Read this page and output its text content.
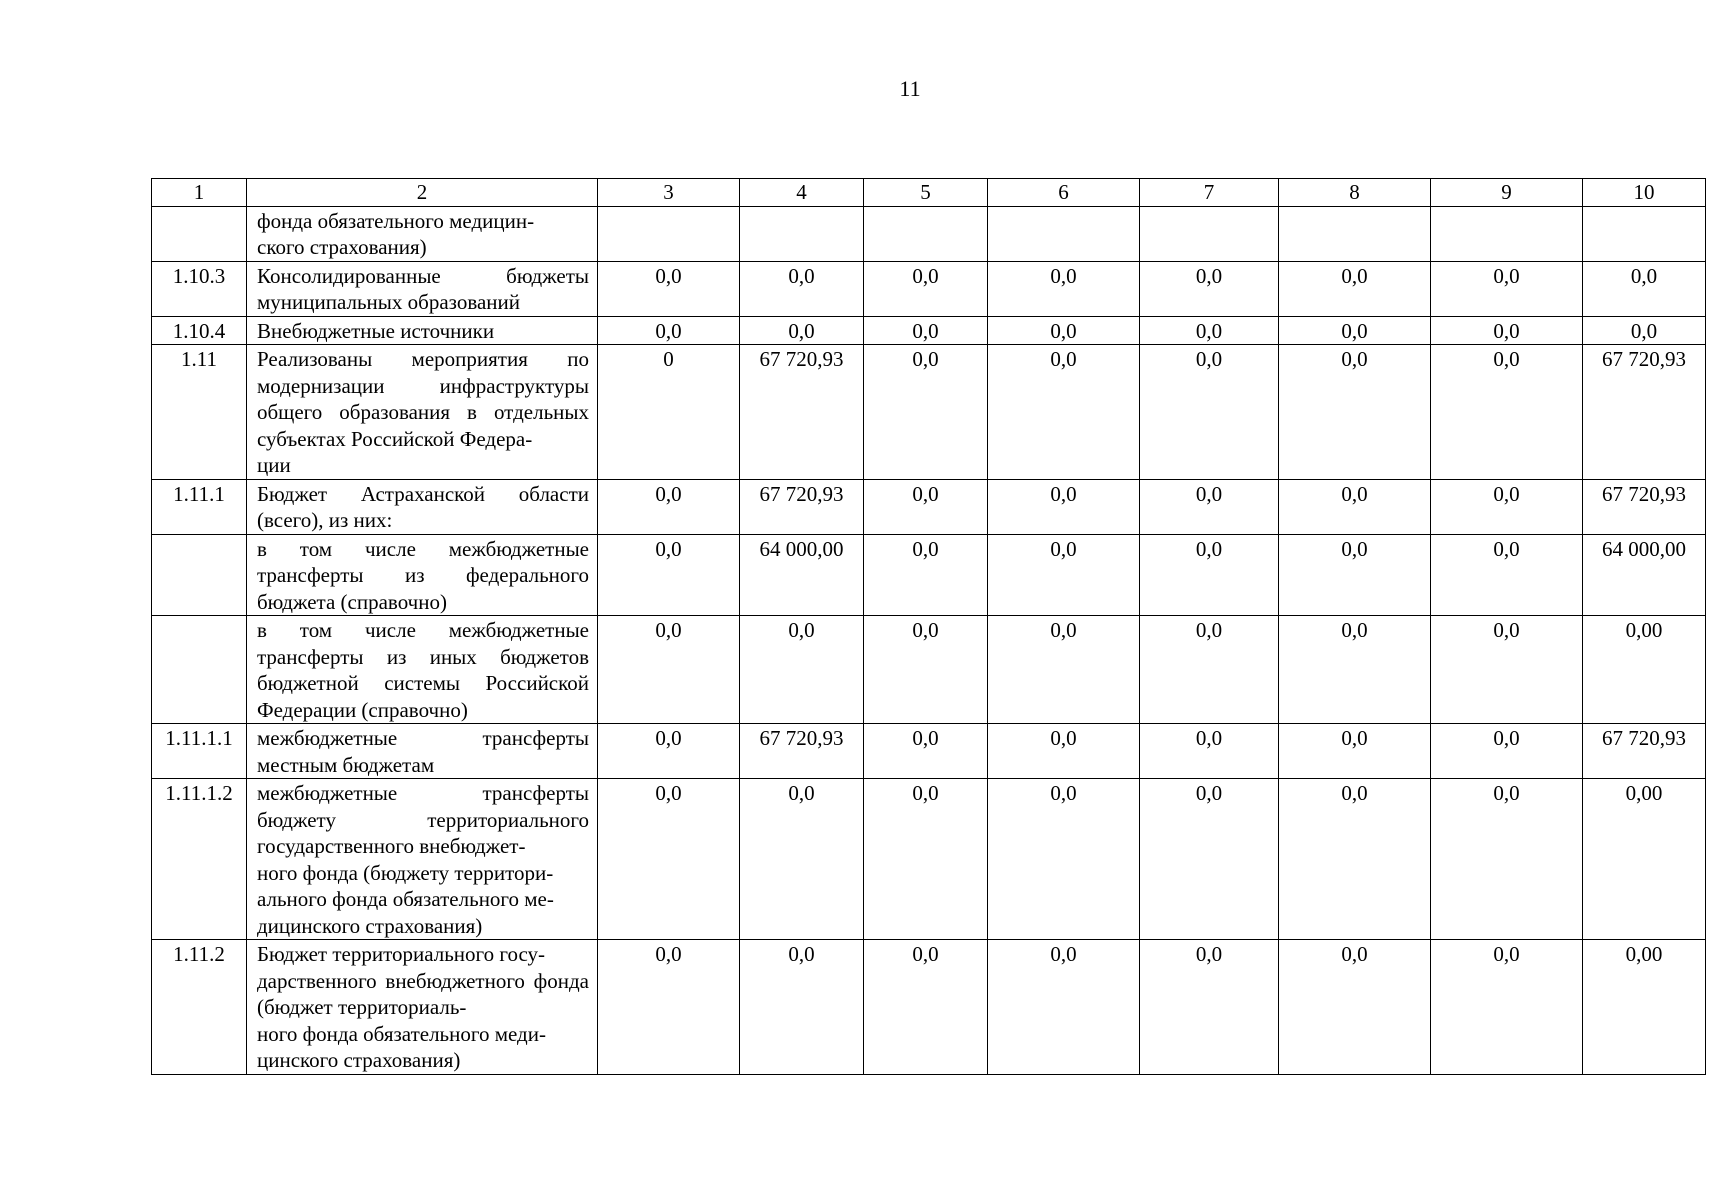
11
1	2	3	4	5	6	7	8	9	10
	фонда обязательного медицин-
ского страхования)								
1.10.3	Консолидированные бюджеты муниципальных образований	0,0	0,0	0,0	0,0	0,0	0,0	0,0	0,0
1.10.4	Внебюджетные источники	0,0	0,0	0,0	0,0	0,0	0,0	0,0	0,0
1.11	Реализованы мероприятия по модернизации инфраструктуры общего образования в отдельных субъектах Российской Федера-
ции	0	67 720,93	0,0	0,0	0,0	0,0	0,0	67 720,93
1.11.1	Бюджет Астраханской области (всего), из них:	0,0	67 720,93	0,0	0,0	0,0	0,0	0,0	67 720,93
	в том числе межбюджетные трансферты из федерального бюджета (справочно)	0,0	64 000,00	0,0	0,0	0,0	0,0	0,0	64 000,00
	в том числе межбюджетные трансферты из иных бюджетов бюджетной системы Российской Федерации (справочно)	0,0	0,0	0,0	0,0	0,0	0,0	0,0	0,00
1.11.1.1	межбюджетные трансферты местным бюджетам	0,0	67 720,93	0,0	0,0	0,0	0,0	0,0	67 720,93
1.11.1.2	межбюджетные трансферты бюджету территориального государственного внебюджет-
ного фонда (бюджету территори-
ального фонда обязательного ме-
дицинского страхования)	0,0	0,0	0,0	0,0	0,0	0,0	0,0	0,00
1.11.2	Бюджет территориального госу-
дарственного внебюджетного фонда (бюджет территориаль-
ного фонда обязательного меди-
цинского страхования)	0,0	0,0	0,0	0,0	0,0	0,0	0,0	0,00
